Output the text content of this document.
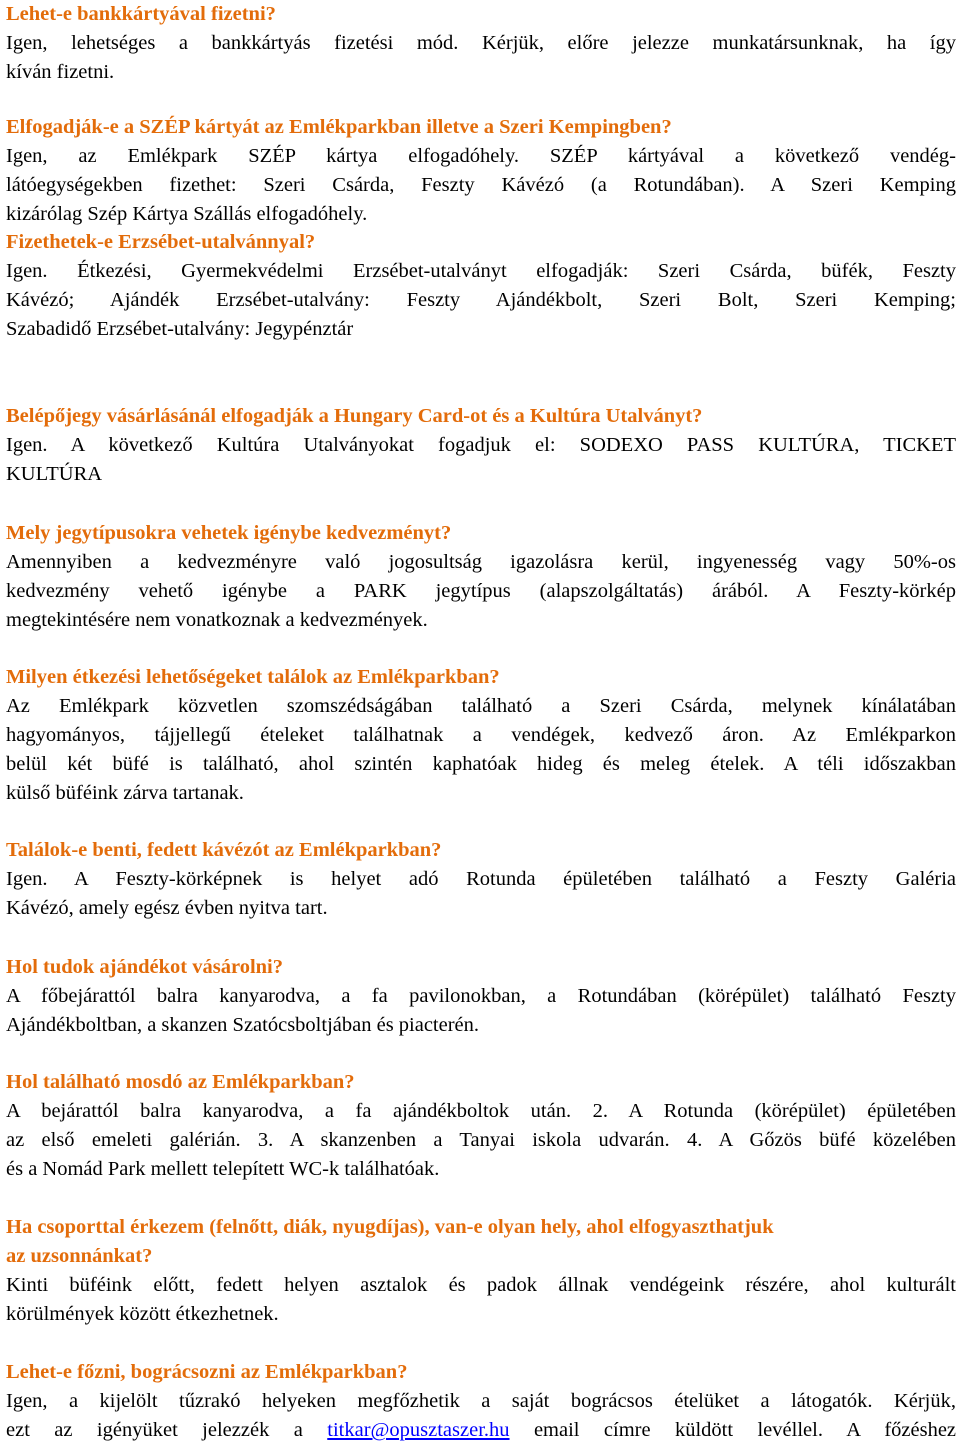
Lehet-e bankkártyával fizetni?
Igen, lehetséges a bankkártyás fizetési mód. Kérjük, előre jelezze munkatársunknak, ha így
kíván fizetni.
Elfogadják-e a SZÉP kártyát az Emlékparkban illetve a Szeri Kempingben?
Igen, az Emlékpark SZÉP kártya elfogadóhely. SZÉP kártyával a következő vendég-
látóegységekben fizethet: Szeri Csárda, Feszty Kávézó (a Rotundában). A Szeri Kemping
kizárólag Szép Kártya Szállás elfogadóhely.
Fizethetek-e Erzsébet-utalvánnyal?
Igen. Étkezési, Gyermekvédelmi Erzsébet-utalványt elfogadják: Szeri Csárda, büfék, Feszty
Kávézó; Ajándék Erzsébet-utalvány: Feszty Ajándékbolt, Szeri Bolt, Szeri Kemping;
Szabadidő Erzsébet-utalvány: Jegypénztár
Belépőjegy vásárlásánál elfogadják a Hungary Card-ot és a Kultúra Utalványt?
Igen. A következő Kultúra Utalványokat fogadjuk el: SODEXO PASS KULTÚRA, TICKET
KULTÚRA
Mely jegytípusokra vehetek igénybe kedvezményt?
Amennyiben a kedvezményre való jogosultság igazolásra kerül, ingyenesség vagy 50%-os
kedvezmény vehető igénybe a PARK jegytípus (alapszolgáltatás) árából. A Feszty-körkép
megtekintésére nem vonatkoznak a kedvezmények.
Milyen étkezési lehetőségeket találok az Emlékparkban?
Az Emlékpark közvetlen szomszédságában található a Szeri Csárda, melynek kínálatában
hagyományos, tájjellegű ételeket találhatnak a vendégek, kedvező áron. Az Emlékparkon
belül két büfé is található, ahol szintén kaphatóak hideg és meleg ételek. A téli időszakban
külső büféink zárva tartanak.
Találok-e benti, fedett kávézót az Emlékparkban?
Igen. A Feszty-körképnek is helyet adó Rotunda épületében található a Feszty Galéria
Kávézó, amely egész évben nyitva tart.
Hol tudok ajándékot vásárolni?
A főbejárattól balra kanyarodva, a fa pavilonokban, a Rotundában (körépület) található Feszty
Ajándékboltban, a skanzen Szatócsboltjában és piacterén.
Hol található mosdó az Emlékparkban?
A bejárattól balra kanyarodva, a fa ajándékboltok után. 2. A Rotunda (körépület) épületében
az első emeleti galérián. 3. A skanzenben a Tanyai iskola udvarán. 4. A Gőzös büfé közelében
és a Nomád Park mellett telepített WC-k találhatóak.
Ha csoporttal érkezem (felnőtt, diák, nyugdíjas), van-e olyan hely, ahol elfogyaszthatjuk
az uzsonnánkat?
Kinti büféink előtt, fedett helyen asztalok és padok állnak vendégeink részére, ahol kulturált
körülmények között étkezhetnek.
Lehet-e főzni, bográcsozni az Emlékparkban?
Igen, a kijelölt tűzrakó helyeken megfőzhetik a saját bográcsos ételüket a látogatók. Kérjük,
ezt az igényüket jelezzék a titkar@opusztaszer.hu email címre küldött levéllel. A főzéshez
